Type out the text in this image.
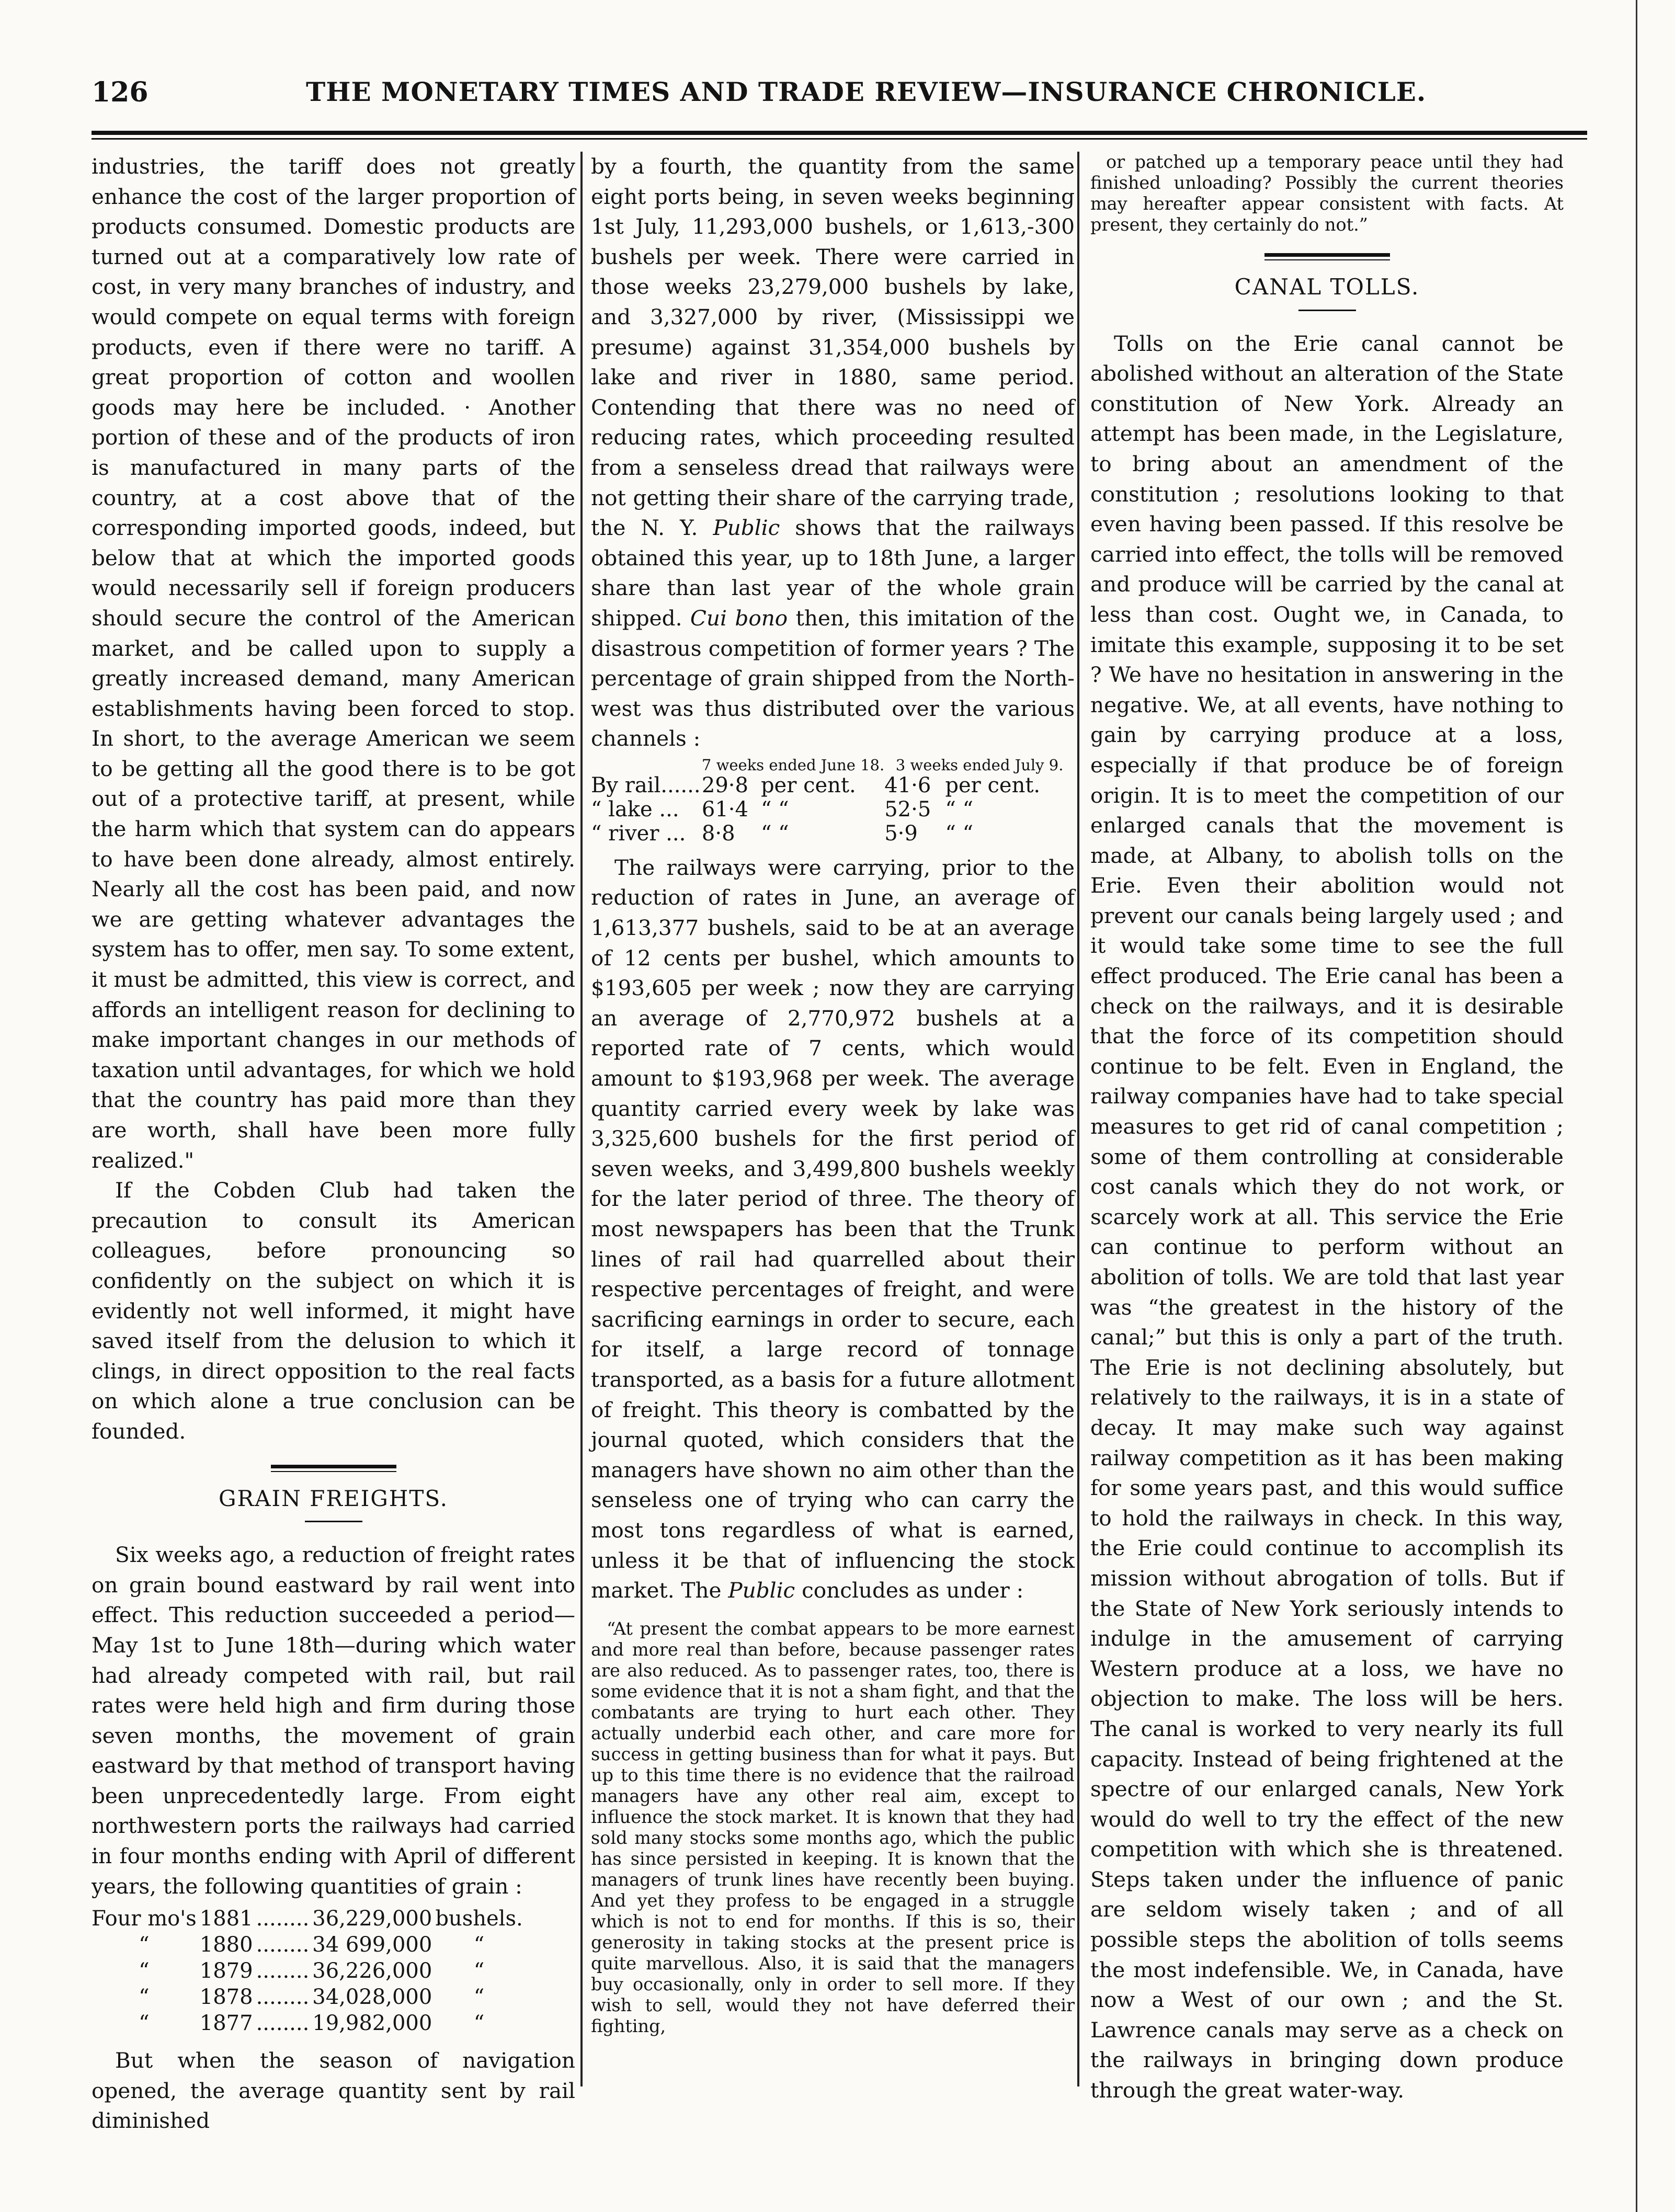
126	THE MONETARY TIMES AND TRADE REVIEW—INSURANCE CHRONICLE.

industries, the tariff does not greatly enhance the cost of the larger proportion of products consumed. Domestic products are turned out at a comparatively low rate of cost, in very many branches of industry, and would compete on equal terms with foreign products, even if there were no tariff. A great proportion of cotton and woollen goods may here be included. · Another portion of these and of the products of iron is manufactured in many parts of the country, at a cost above that of the corresponding imported goods, indeed, but below that at which the imported goods would necessarily sell if foreign producers should secure the control of the American market, and be called upon to supply a greatly increased demand, many American establishments having been forced to stop. In short, to the average American we seem to be getting all the good there is to be got out of a protective tariff, at present, while the harm which that system can do appears to have been done already, almost entirely. Nearly all the cost has been paid, and now we are getting whatever advantages the system has to offer, men say. To some extent, it must be admitted, this view is correct, and affords an intelligent reason for declining to make important changes in our methods of taxation until advantages, for which we hold that the country has paid more than they are worth, shall have been more fully realized."

If the Cobden Club had taken the precaution to consult its American colleagues, before pronouncing so confidently on the subject on which it is evidently not well informed, it might have saved itself from the delusion to which it clings, in direct opposition to the real facts on which alone a true conclusion can be founded.

GRAIN FREIGHTS.

Six weeks ago, a reduction of freight rates on grain bound eastward by rail went into effect. This reduction succeeded a period—May 1st to June 18th—during which water had already competed with rail, but rail rates were held high and firm during those seven months, the movement of grain eastward by that method of transport having been unprecedentedly large. From eight northwestern ports the railways had carried in four months ending with April of different years, the following quantities of grain :

Four mo's	1881	........	36,229,000	bushels.
“	1880	........	34 699,000	“
“	1879	........	36,226,000	“
“	1878	........	34,028,000	“
“	1877	........	19,982,000	“

But when the season of navigation opened, the average quantity sent by rail diminished

by a fourth, the quantity from the same eight ports being, in seven weeks beginning 1st July, 11,293,000 bushels, or 1,613,-300 bushels per week. There were carried in those weeks 23,279,000 bushels by lake, and 3,327,000 by river, (Mississippi we presume) against 31,354,000 bushels by lake and river in 1880, same period. Contending that there was no need of reducing rates, which proceeding resulted from a senseless dread that railways were not getting their share of the carrying trade, the N. Y. Public shows that the railways obtained this year, up to 18th June, a larger share than last year of the whole grain shipped. Cui bono then, this imitation of the disastrous competition of former years ? The percentage of grain shipped from the North-west was thus distributed over the various channels :

	7 weeks ended June 18.		3 weeks ended July 9.	
By rail......	29·8	per cent.	41·6	per cent.
“ lake ...	61·4	“ “	52·5	“ “
“ river ...	8·8	“ “	5·9	“ “

The railways were carrying, prior to the reduction of rates in June, an average of 1,613,377 bushels, said to be at an average of 12 cents per bushel, which amounts to $193,605 per week ; now they are carrying an average of 2,770,972 bushels at a reported rate of 7 cents, which would amount to $193,968 per week. The average quantity carried every week by lake was 3,325,600 bushels for the first period of seven weeks, and 3,499,800 bushels weekly for the later period of three. The theory of most newspapers has been that the Trunk lines of rail had quarrelled about their respective percentages of freight, and were sacrificing earnings in order to secure, each for itself, a large record of tonnage transported, as a basis for a future allotment of freight. This theory is combatted by the journal quoted, which considers that the managers have shown no aim other than the senseless one of trying who can carry the most tons regardless of what is earned, unless it be that of influencing the stock market. The Public concludes as under :

“At present the combat appears to be more earnest and more real than before, because passenger rates are also reduced. As to passenger rates, too, there is some evidence that it is not a sham fight, and that the combatants are trying to hurt each other. They actually underbid each other, and care more for success in getting business than for what it pays. But up to this time there is no evidence that the railroad managers have any other real aim, except to influence the stock market. It is known that they had sold many stocks some months ago, which the public has since persisted in keeping. It is known that the managers of trunk lines have recently been buying. And yet they profess to be engaged in a struggle which is not to end for months. If this is so, their generosity in taking stocks at the present price is quite marvellous. Also, it is said that the managers buy occasionally, only in order to sell more. If they wish to sell, would they not have deferred their fighting,

or patched up a temporary peace until they had finished unloading? Possibly the current theories may hereafter appear consistent with facts. At present, they certainly do not.”

CANAL TOLLS.

Tolls on the Erie canal cannot be abolished without an alteration of the State constitution of New York. Already an attempt has been made, in the Legislature, to bring about an amendment of the constitution ; resolutions looking to that even having been passed. If this resolve be carried into effect, the tolls will be removed and produce will be carried by the canal at less than cost. Ought we, in Canada, to imitate this example, supposing it to be set ? We have no hesitation in answering in the negative. We, at all events, have nothing to gain by carrying produce at a loss, especially if that produce be of foreign origin. It is to meet the competition of our enlarged canals that the movement is made, at Albany, to abolish tolls on the Erie. Even their abolition would not prevent our canals being largely used ; and it would take some time to see the full effect produced. The Erie canal has been a check on the railways, and it is desirable that the force of its competition should continue to be felt. Even in England, the railway companies have had to take special measures to get rid of canal competition ; some of them controlling at considerable cost canals which they do not work, or scarcely work at all. This service the Erie can continue to perform without an abolition of tolls. We are told that last year was “the greatest in the history of the canal;” but this is only a part of the truth. The Erie is not declining absolutely, but relatively to the railways, it is in a state of decay. It may make such way against railway competition as it has been making for some years past, and this would suffice to hold the railways in check. In this way, the Erie could continue to accomplish its mission without abrogation of tolls. But if the State of New York seriously intends to indulge in the amusement of carrying Western produce at a loss, we have no objection to make. The loss will be hers. The canal is worked to very nearly its full capacity. Instead of being frightened at the spectre of our enlarged canals, New York would do well to try the effect of the new competition with which she is threatened. Steps taken under the influence of panic are seldom wisely taken ; and of all possible steps the abolition of tolls seems the most indefensible. We, in Canada, have now a West of our own ; and the St. Lawrence canals may serve as a check on the railways in bringing down produce through the great water-way.
